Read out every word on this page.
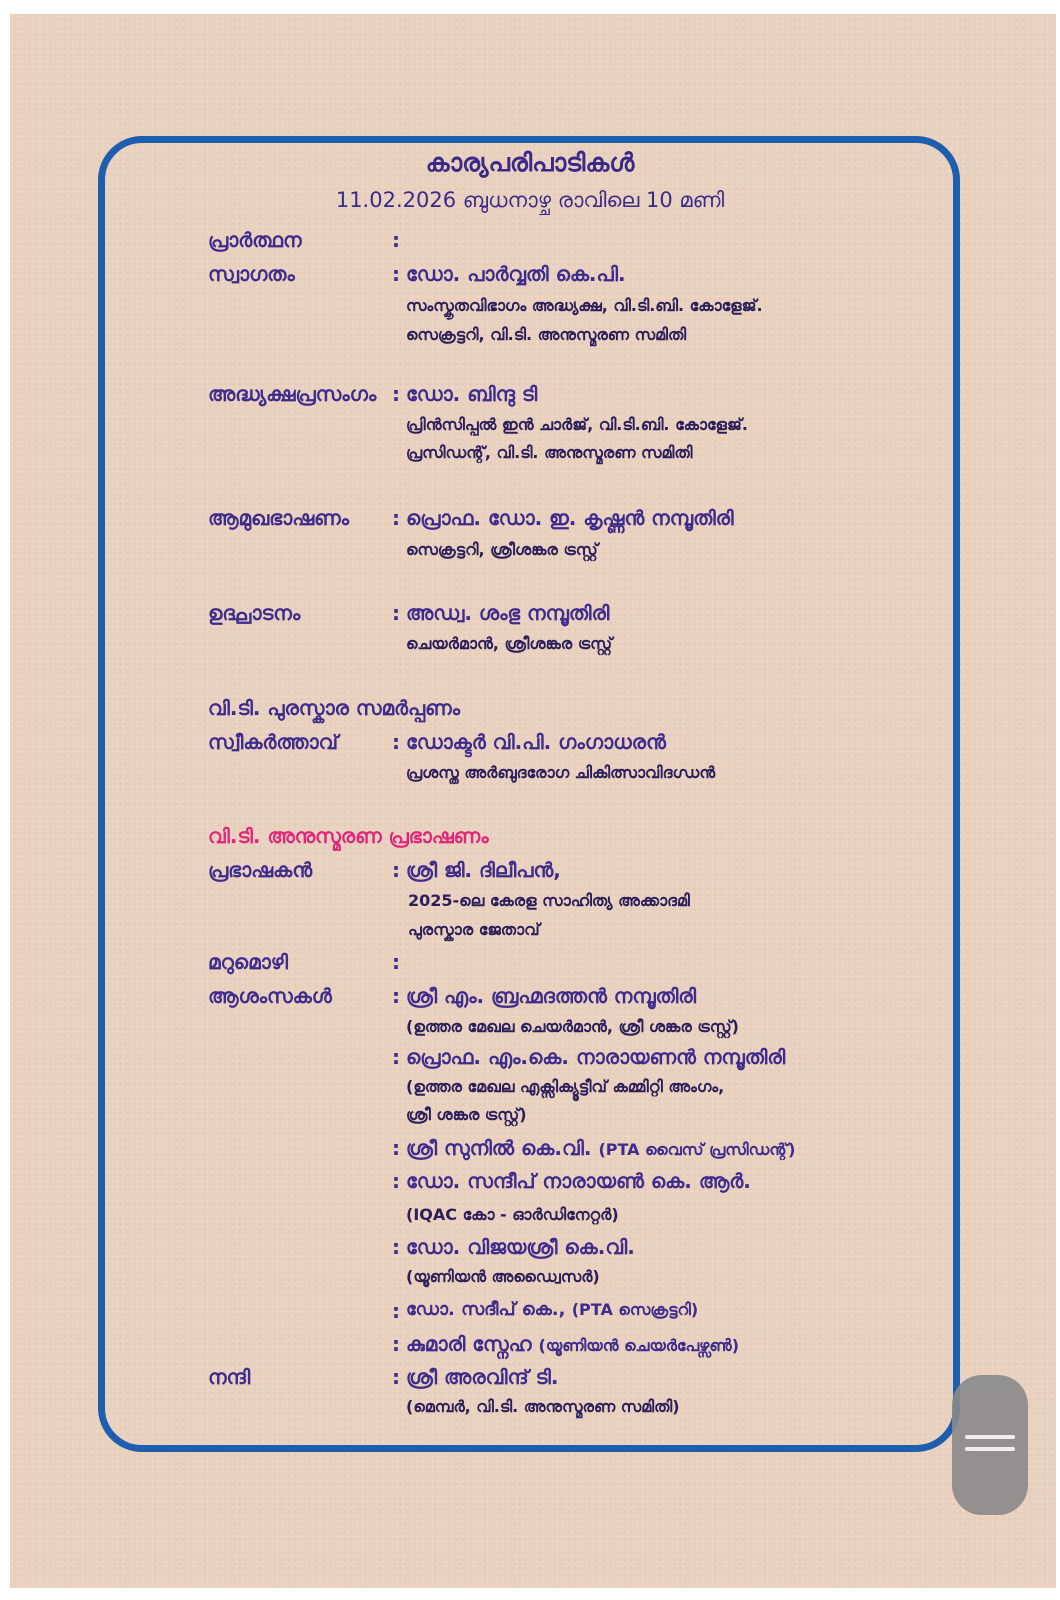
കാര്യപരിപാടികൾ
11.02.2026 ബുധനാഴ്ച രാവിലെ 10 മണി
പ്രാർത്ഥന	:
സ്വാഗതം	: ഡോ. പാർവ്വതി കെ.പി.
സംസ്കൃതവിഭാഗം അദ്ധ്യക്ഷ, വി.ടി.ബി. കോളേജ്.
സെക്രട്ടറി, വി.ടി. അനുസ്മരണ സമിതി
അദ്ധ്യക്ഷപ്രസംഗം : ഡോ. ബിന്ദു ടി
പ്രിൻസിപ്പൽ ഇൻ ചാർജ്, വി.ടി.ബി. കോളേജ്.
പ്രസിഡന്റ്, വി.ടി. അനുസ്മരണ സമിതി
ആമുഖഭാഷണം : പ്രൊഫ. ഡോ. ഇ. കൃഷ്ണൻ നമ്പൂതിരി
സെക്രട്ടറി, ശ്രീശങ്കര ട്രസ്റ്റ്
ഉദ്ഘാടനം	: അഡ്വ. ശംഭു നമ്പൂതിരി
ചെയർമാൻ, ശ്രീശങ്കര ട്രസ്റ്റ്
വി.ടി. പുരസ്കാര സമർപ്പണം
സ്വീകർത്താവ്	: ഡോക്ടർ വി.പി. ഗംഗാധരൻ
പ്രശസ്ത അർബുദരോഗ ചികിത്സാവിദഗ്ധൻ
വി.ടി. അനുസ്മരണ പ്രഭാഷണം
പ്രഭാഷകൻ	: ശ്രീ ജി. ദിലീപൻ,
2025-ലെ കേരള സാഹിത്യ അക്കാദമി
പുരസ്കാര ജേതാവ്
മറുമൊഴി	:
ആശംസകൾ	: ശ്രീ എം. ബ്രഹ്മദത്തൻ നമ്പൂതിരി
(ഉത്തര മേഖല ചെയർമാൻ, ശ്രീ ശങ്കര ട്രസ്റ്റ്)
: പ്രൊഫ. എം.കെ. നാരായണൻ നമ്പൂതിരി
(ഉത്തര മേഖല എക്സിക്യൂട്ടീവ് കമ്മിറ്റി അംഗം,
ശ്രീ ശങ്കര ട്രസ്റ്റ്)
: ശ്രീ സുനിൽ കെ.വി. (PTA വൈസ് പ്രസിഡന്റ്)
: ഡോ. സന്ദീപ് നാരായൺ കെ. ആർ.
(IQAC കോ - ഓർഡിനേറ്റർ)
: ഡോ. വിജയശ്രീ കെ.വി.
(യൂണിയൻ അഡ്വൈസർ)
: ഡോ. സദീപ് കെ., (PTA സെക്രട്ടറി)
: കുമാരി സ്നേഹ (യൂണിയൻ ചെയർപേഴ്സൺ)
നന്ദി	: ശ്രീ അരവിന്ദ് ടി.
(മെമ്പർ, വി.ടി. അനുസ്മരണ സമിതി)
